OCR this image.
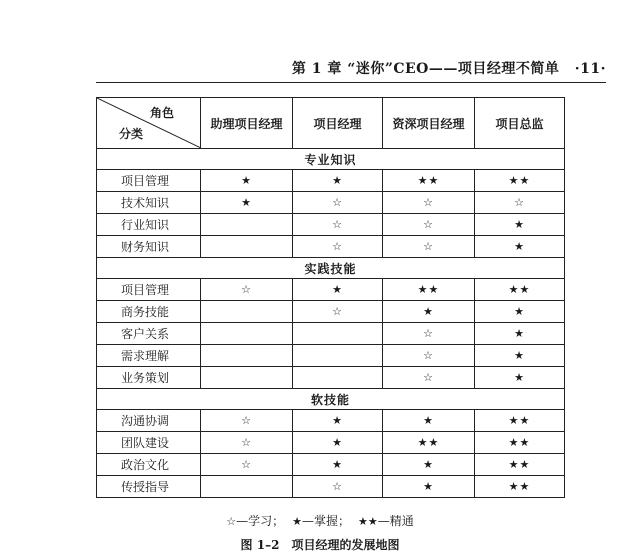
第 1 章 “迷你”CEO——项目经理不简单 ·11·
角色
分类	助理项目经理	项目经理	资深项目经理	项目总监
专业知识				
项目管理	★	★	★★	★★
技术知识	★	☆	☆	☆
行业知识		☆	☆	★
财务知识		☆	☆	★
实践技能				
项目管理	☆	★	★★	★★
商务技能		☆	★	★
客户关系			☆	★
需求理解			☆	★
业务策划			☆	★
软技能				
沟通协调	☆	★	★	★★
团队建设	☆	★	★★	★★
政治文化	☆	★	★	★★
传授指导		☆	★	★★
☆—学习； ★—掌握； ★★—精通
图 1–2 项目经理的发展地图
